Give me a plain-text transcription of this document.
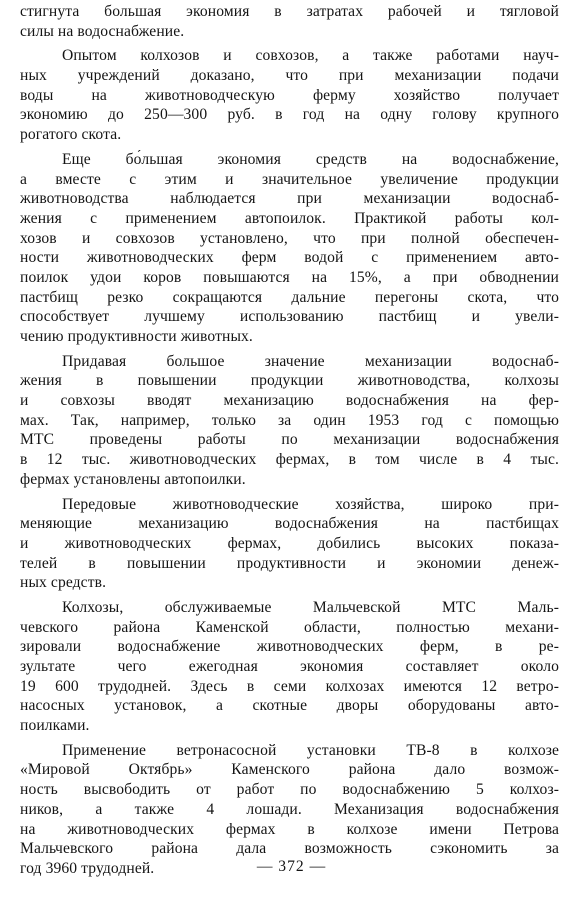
стигнута большая экономия в затратах рабочей и тягловой
силы на водоснабжение.
Опытом колхозов и совхозов, а также работами науч-
ных учреждений доказано, что при механизации подачи
воды на животноводческую ферму хозяйство получает
экономию до 250—300 руб. в год на одну голову крупного
рогатого скота.
Еще бо́льшая экономия средств на водоснабжение,
а вместе с этим и значительное увеличение продукции
животноводства наблюдается при механизации водоснаб-
жения с применением автопоилок. Практикой работы кол-
хозов и совхозов установлено, что при полной обеспечен-
ности животноводческих ферм водой с применением авто-
поилок удои коров повышаются на 15%, а при обводнении
пастбищ резко сокращаются дальние перегоны скота, что
способствует лучшему использованию пастбищ и увели-
чению продуктивности животных.
Придавая большое значение механизации водоснаб-
жения в повышении продукции животноводства, колхозы
и совхозы вводят механизацию водоснабжения на фер-
мах. Так, например, только за один 1953 год с помощью
МТС проведены работы по механизации водоснабжения
в 12 тыс. животноводческих фермах, в том числе в 4 тыс.
фермах установлены автопоилки.
Передовые животноводческие хозяйства, широко при-
меняющие механизацию водоснабжения на пастбищах
и животноводческих фермах, добились высоких показа-
телей в повышении продуктивности и экономии денеж-
ных средств.
Колхозы, обслуживаемые Мальчевской МТС Маль-
чевского района Каменской области, полностью механи-
зировали водоснабжение животноводческих ферм, в ре-
зультате чего ежегодная экономия составляет около
19 600 трудодней. Здесь в семи колхозах имеются 12 ветро-
насосных установок, а скотные дворы оборудованы авто-
поилками.
Применение ветронасосной установки ТВ-8 в колхозе
«Мировой Октябрь» Каменского района дало возмож-
ность высвободить от работ по водоснабжению 5 колхоз-
ников, а также 4 лошади. Механизация водоснабжения
на животноводческих фермах в колхозе имени Петрова
Мальчевского района дала возможность сэкономить за
год 3960 трудодней.	— 372 —
